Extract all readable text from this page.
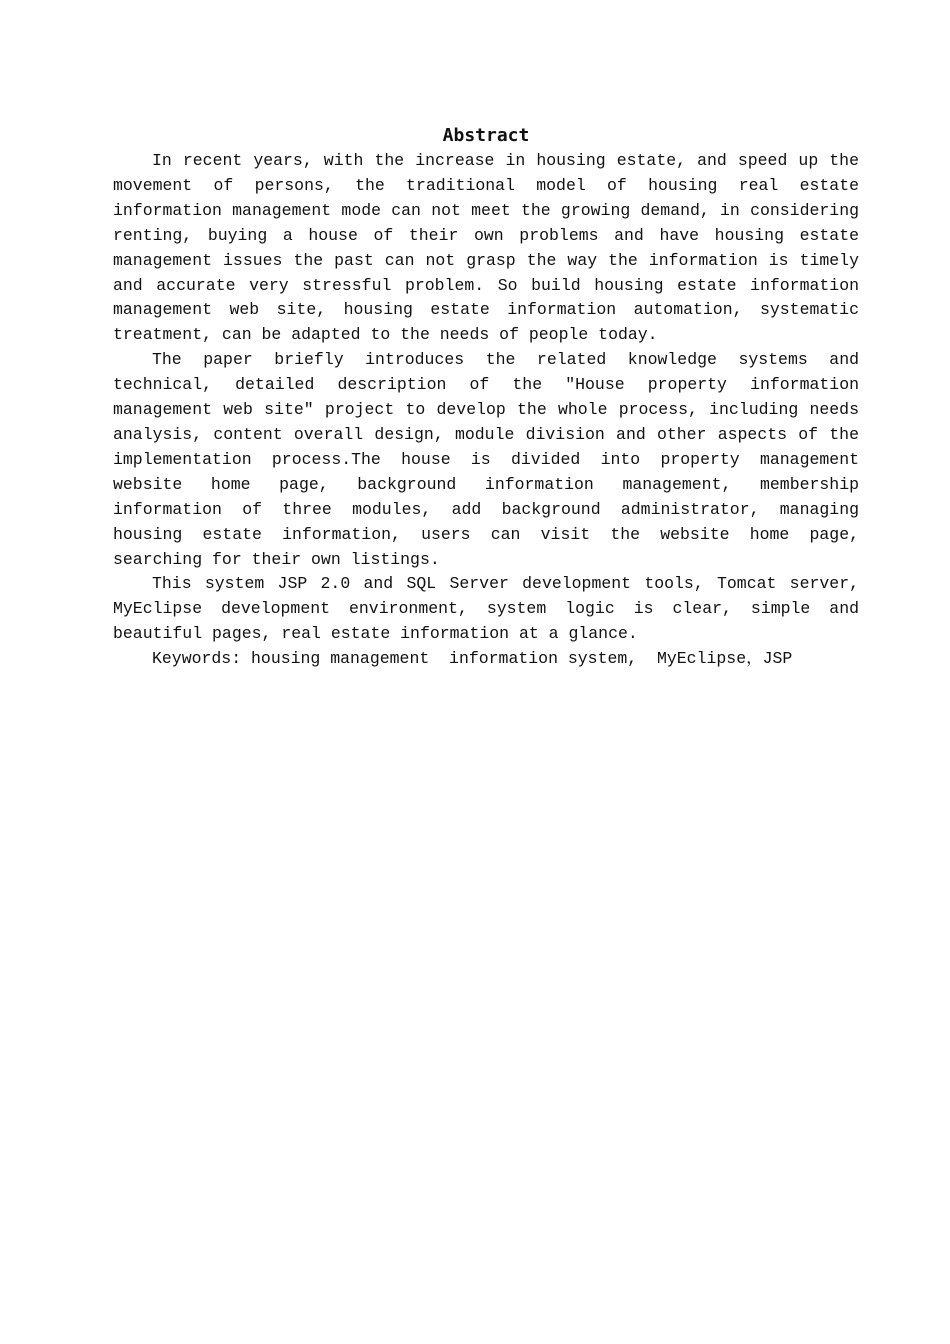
Abstract

In recent years, with the increase in housing estate, and speed up the movement of persons, the traditional model of housing real estate information management mode can not meet the growing demand, in considering renting, buying a house of their own problems and have housing estate management issues the past can not grasp the way the information is timely and accurate very stressful problem. So build housing estate information management web site, housing estate information automation, systematic treatment, can be adapted to the needs of people today.

The paper briefly introduces the related knowledge systems and technical, detailed description of the "House property information management web site" project to develop the whole process, including needs analysis, content overall design, module division and other aspects of the implementation process.The house is divided into property management website home page, background information management, membership information of three modules, add background administrator, managing housing estate information, users can visit the website home page, searching for their own listings.

This system JSP 2.0 and SQL Server development tools, Tomcat server, MyEclipse development environment, system logic is clear, simple and beautiful pages, real estate information at a glance.

Keywords: housing management  information system,  MyEclipse，JSP
